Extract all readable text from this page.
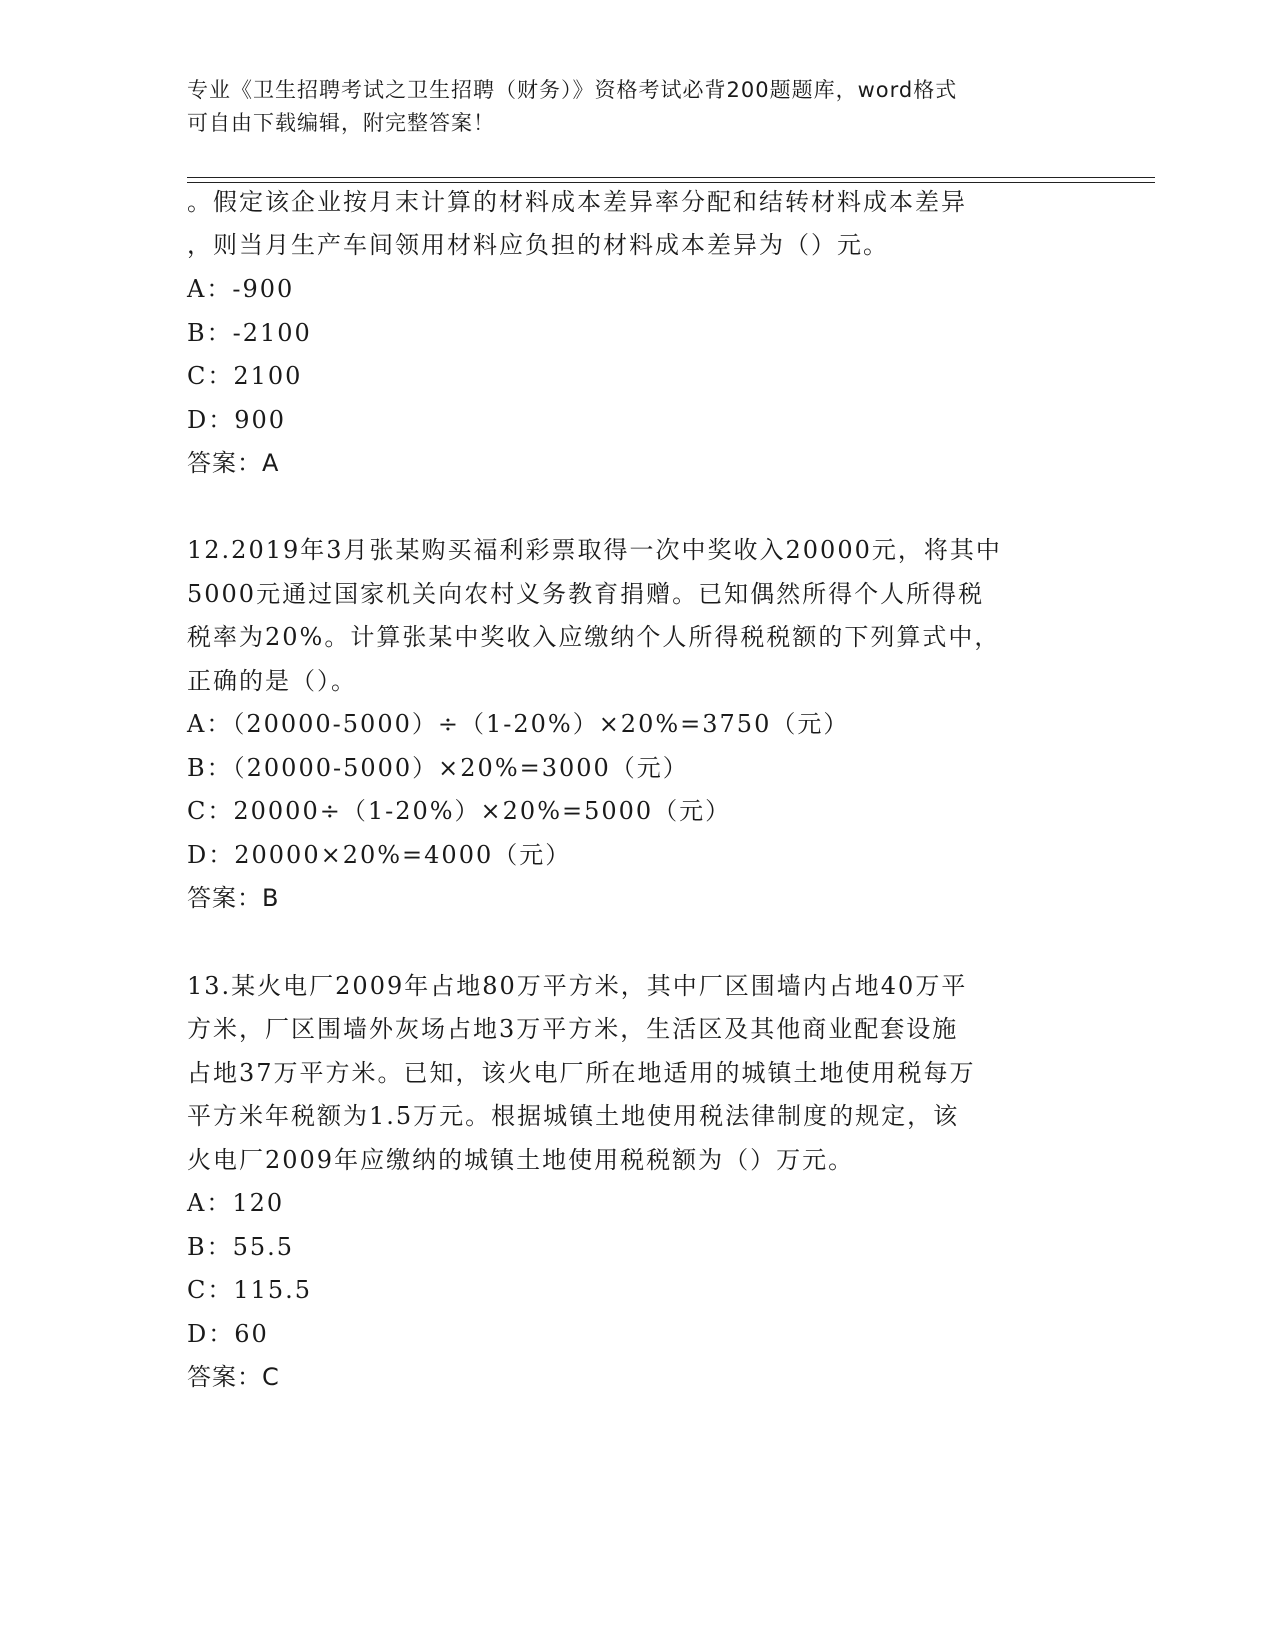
专业《卫生招聘考试之卫生招聘（财务）》资格考试必背200题题库，word格式
可自由下载编辑，附完整答案！
。假定该企业按月末计算的材料成本差异率分配和结转材料成本差异
，则当月生产车间领用材料应负担的材料成本差异为（）元。
A：-900
B：-2100
C：2100
D：900
答案：A
12.2019年3月张某购买福利彩票取得一次中奖收入20000元，将其中
5000元通过国家机关向农村义务教育捐赠。已知偶然所得个人所得税
税率为20%。计算张某中奖收入应缴纳个人所得税税额的下列算式中，
正确的是（）。
A：（20000-5000）÷（1-20%）×20%=3750（元）
B：（20000-5000）×20%=3000（元）
C：20000÷（1-20%）×20%=5000（元）
D：20000×20%=4000（元）
答案：B
13.某火电厂2009年占地80万平方米，其中厂区围墙内占地40万平
方米，厂区围墙外灰场占地3万平方米，生活区及其他商业配套设施
占地37万平方米。已知，该火电厂所在地适用的城镇土地使用税每万
平方米年税额为1.5万元。根据城镇土地使用税法律制度的规定，该
火电厂2009年应缴纳的城镇土地使用税税额为（）万元。
A：120
B：55.5
C：115.5
D：60
答案：C
